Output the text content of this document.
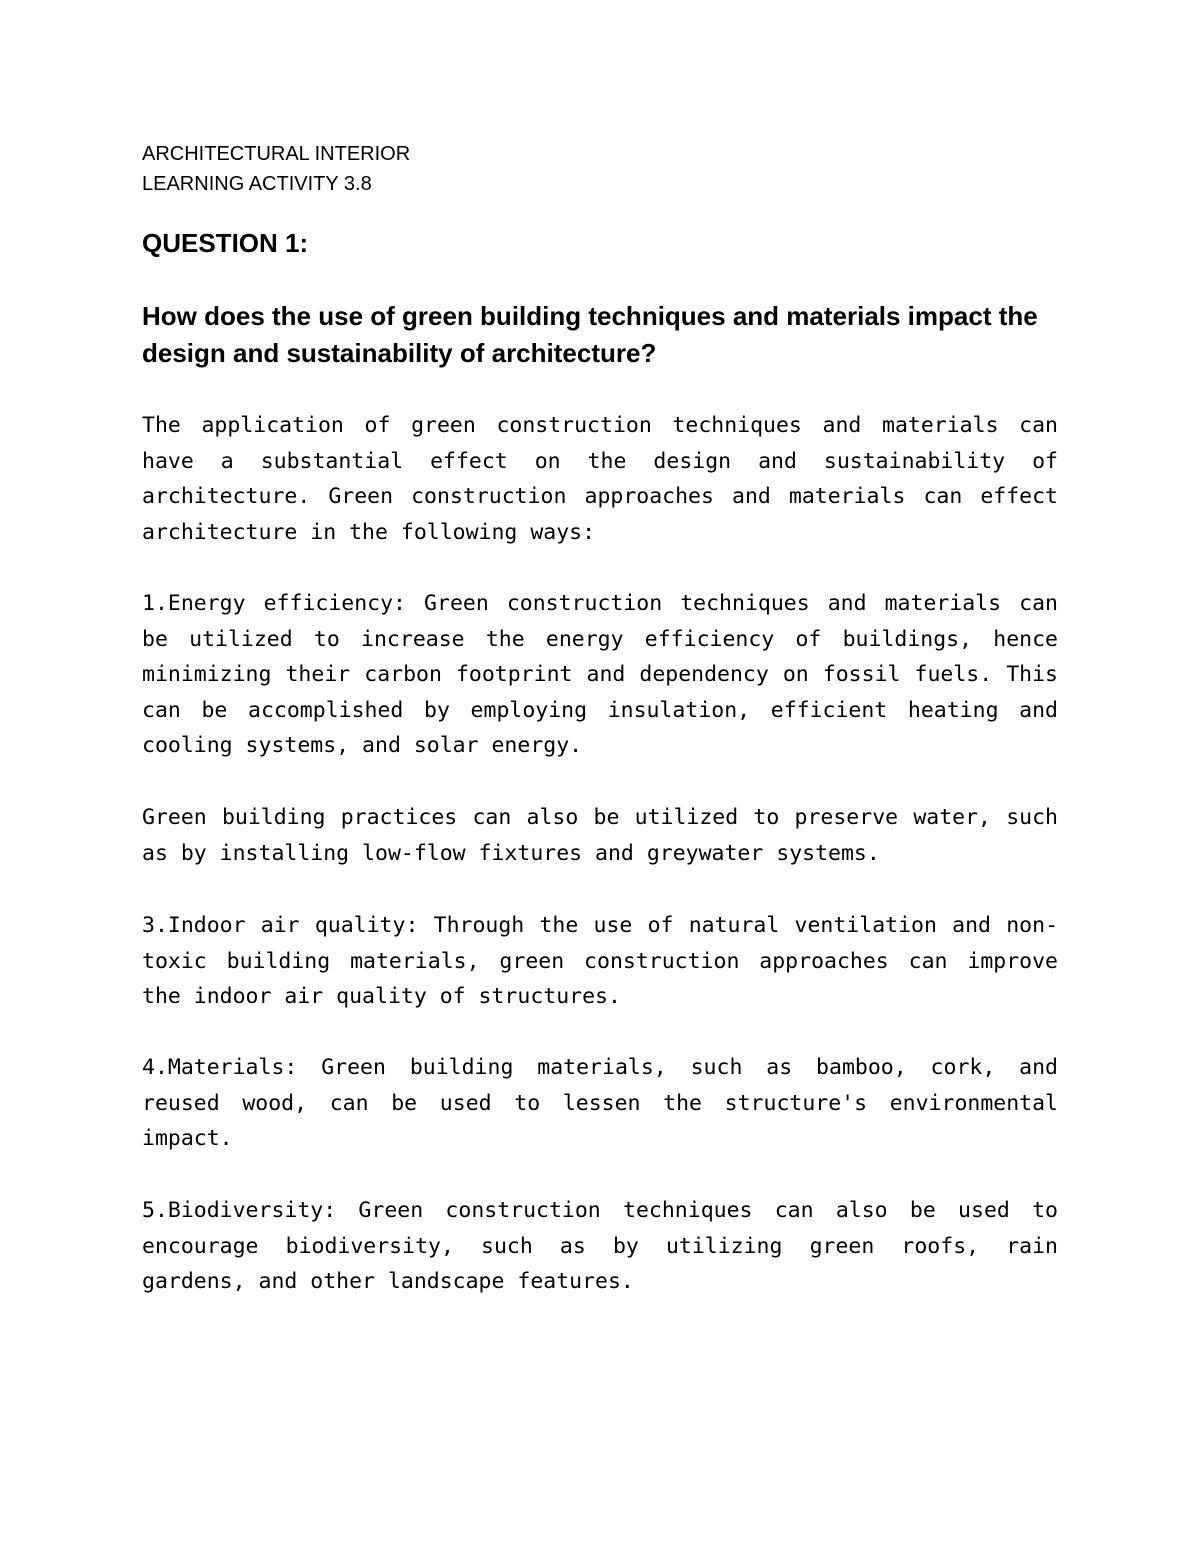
ARCHITECTURAL INTERIOR

LEARNING ACTIVITY 3.8

QUESTION 1:

How does the use of green building techniques and materials impact the design and sustainability of architecture?

The application of green construction techniques and materials can have a substantial effect on the design and sustainability of architecture. Green construction approaches and materials can effect architecture in the following ways:

1.Energy efficiency: Green construction techniques and materials can be utilized to increase the energy efficiency of buildings, hence minimizing their carbon footprint and dependency on fossil fuels. This can be accomplished by employing insulation, efficient heating and cooling systems, and solar energy.

Green building practices can also be utilized to preserve water, such as by installing low-flow fixtures and greywater systems.

3.Indoor air quality: Through the use of natural ventilation and non-toxic building materials, green construction approaches can improve the indoor air quality of structures.

4.Materials: Green building materials, such as bamboo, cork, and reused wood, can be used to lessen the structure's environmental impact.

5.Biodiversity: Green construction techniques can also be used to encourage biodiversity, such as by utilizing green roofs, rain gardens, and other landscape features.
